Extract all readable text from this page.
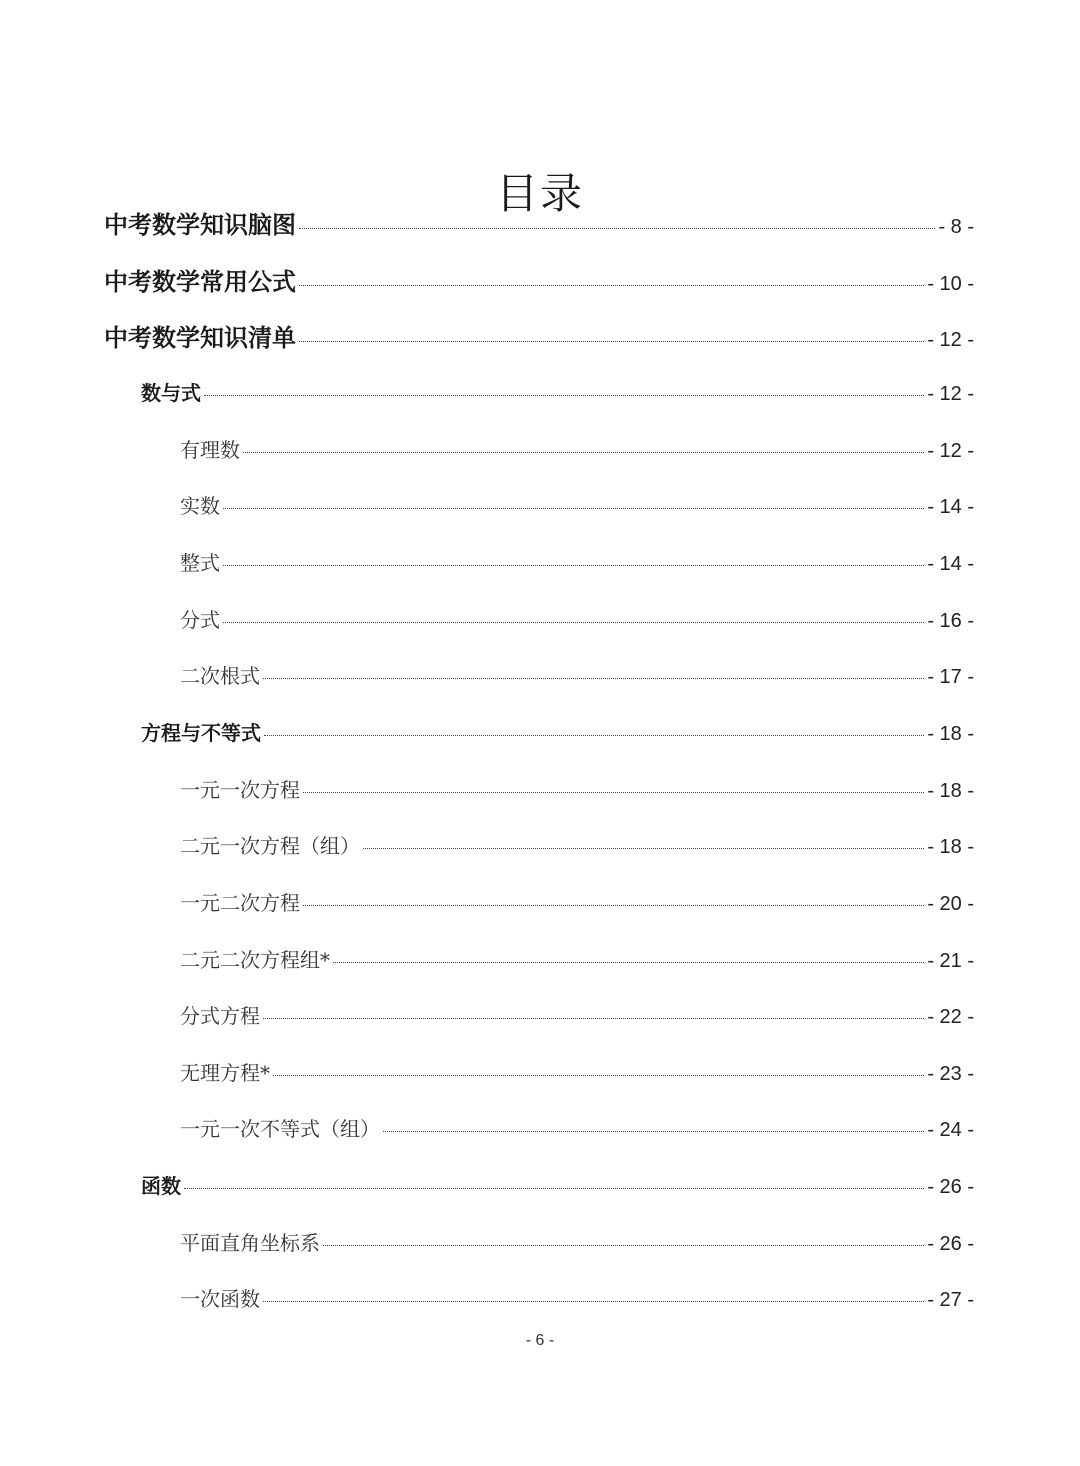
目录
中考数学知识脑图	- 8 -
中考数学常用公式	- 10 -
中考数学知识清单	- 12 -
数与式	- 12 -
有理数	- 12 -
实数	- 14 -
整式	- 14 -
分式	- 16 -
二次根式	- 17 -
方程与不等式	- 18 -
一元一次方程	- 18 -
二元一次方程（组）	- 18 -
一元二次方程	- 20 -
二元二次方程组*	- 21 -
分式方程	- 22 -
无理方程*	- 23 -
一元一次不等式（组）	- 24 -
函数	- 26 -
平面直角坐标系	- 26 -
一次函数	- 27 -
- 6 -
